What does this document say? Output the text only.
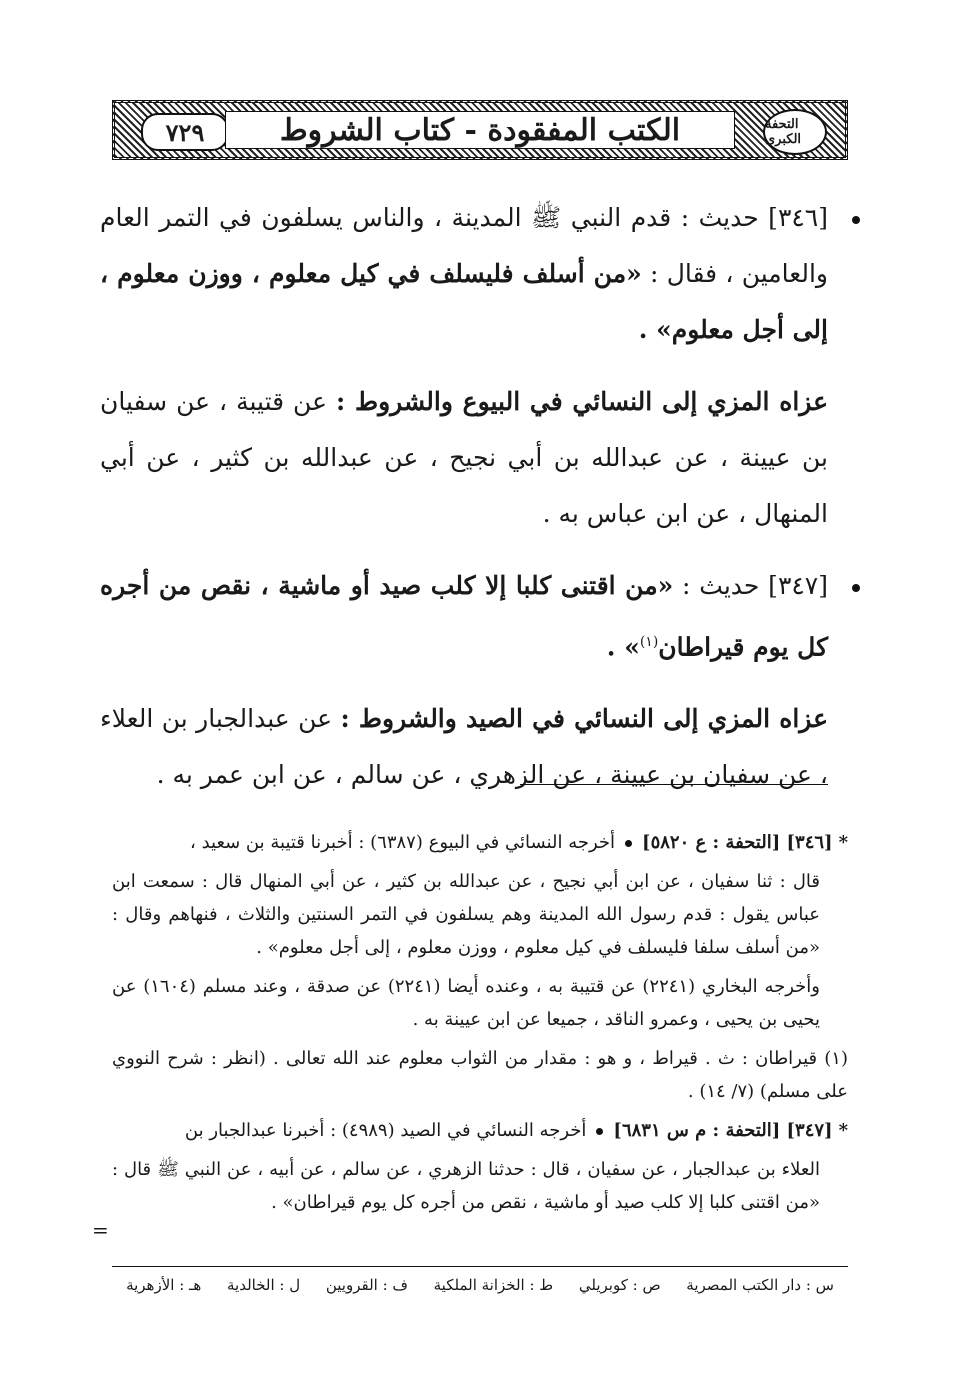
٧٢٩	الكتب المفقودة - كتاب الشروط	التحفة الكبرى

[٣٤٦] حديث : قدم النبي ﷺ المدينة ، والناس يسلفون في التمر العام والعامين ، فقال : «من أسلف فليسلف في كيل معلوم ، ووزن معلوم ، إلى أجل معلوم» .

عزاه المزي إلى النسائي في البيوع والشروط : عن قتيبة ، عن سفيان بن عيينة ، عن عبدالله بن أبي نجيح ، عن عبدالله بن كثير ، عن أبي المنهال ، عن ابن عباس به .

[٣٤٧] حديث : «من اقتنى كلبا إلا كلب صيد أو ماشية ، نقص من أجره كل يوم قيراطان$^{(١)}$» .

عزاه المزي إلى النسائي في الصيد والشروط : عن عبدالجبار بن العلاء ، عن سفيان بن عيينة ، عن الزهري ، عن سالم ، عن ابن عمر به .

*[٣٤٦] [التحفة : ع ٥٨٢٠]أخرجه النسائي في البيوع (٦٣٨٧) : أخبرنا قتيبة بن سعيد ،

قال : ثنا سفيان ، عن ابن أبي نجيح ، عن عبدالله بن كثير ، عن أبي المنهال قال : سمعت ابن عباس يقول : قدم رسول الله المدينة وهم يسلفون في التمر السنتين والثلاث ، فنهاهم وقال : «من أسلف سلفا فليسلف في كيل معلوم ، ووزن معلوم ، إلى أجل معلوم» .

وأخرجه البخاري (٢٢٤١) عن قتيبة به ، وعنده أيضا (٢٢٤١) عن صدقة ، وعند مسلم (١٦٠٤) عن يحيى بن يحيى ، وعمرو الناقد ، جميعا عن ابن عيينة به .

(١) قيراطان : ث . قيراط ، و هو : مقدار من الثواب معلوم عند الله تعالى . (انظر : شرح النووي على مسلم) (٧/ ١٤) .

*[٣٤٧] [التحفة : م س ٦٨٣١]أخرجه النسائي في الصيد (٤٩٨٩) : أخبرنا عبدالجبار بن

العلاء بن عبدالجبار ، عن سفيان ، قال : حدثنا الزهري ، عن سالم ، عن أبيه ، عن النبي ﷺ قال : «من اقتنى كلبا إلا كلب صيد أو ماشية ، نقص من أجره كل يوم قيراطان» .

=
س : دار الكتب المصرية
ص : كوبريلي
ط : الخزانة الملكية
ف : القرويين
ل : الخالدية
هـ : الأزهرية
